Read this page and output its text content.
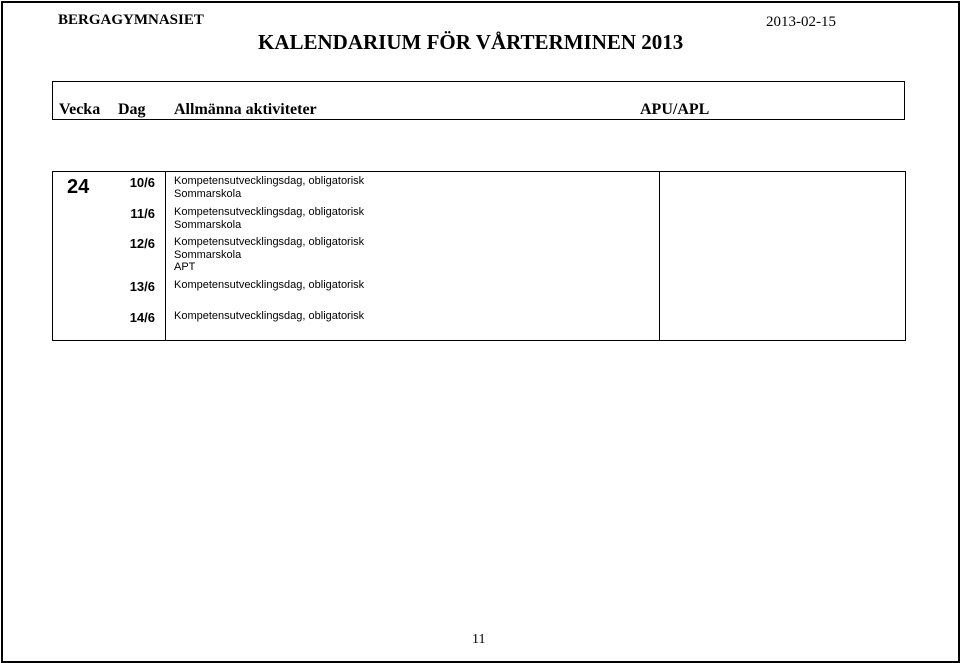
BERGAGYMNASIET	2013-02-15
KALENDARIUM FÖR VÅRTERMINEN 2013
Vecka Dag Allmänna aktiviteter	APU/APL
24	10/6 Kompetensutvecklingsdag, obligatorisk
Sommarskola
11/6 Kompetensutvecklingsdag, obligatorisk
Sommarskola
12/6 Kompetensutvecklingsdag, obligatorisk
Sommarskola
APT
13/6 Kompetensutvecklingsdag, obligatorisk
14/6 Kompetensutvecklingsdag, obligatorisk
11
